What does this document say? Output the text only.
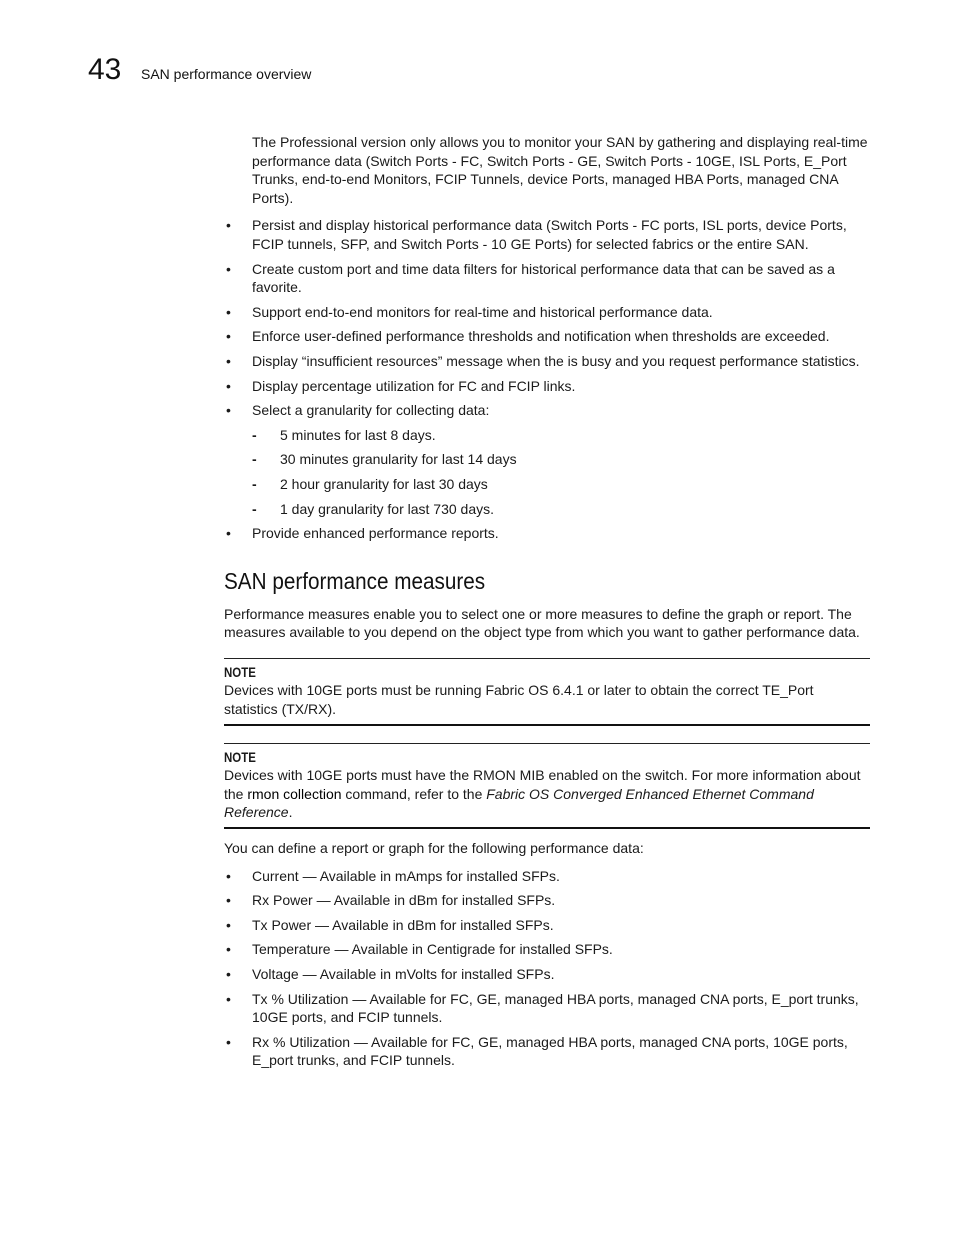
43 SAN performance overview

The Professional version only allows you to monitor your SAN by gathering and displaying real-time performance data (Switch Ports - FC, Switch Ports - GE, Switch Ports - 10GE, ISL Ports, E_Port Trunks, end-to-end Monitors, FCIP Tunnels, device Ports, managed HBA Ports, managed CNA Ports).

• Persist and display historical performance data (Switch Ports - FC ports, ISL ports, device Ports, FCIP tunnels, SFP, and Switch Ports - 10 GE Ports) for selected fabrics or the entire SAN.
• Create custom port and time data filters for historical performance data that can be saved as a favorite.
• Support end-to-end monitors for real-time and historical performance data.
• Enforce user-defined performance thresholds and notification when thresholds are exceeded.
• Display “insufficient resources” message when the is busy and you request performance statistics.
• Display percentage utilization for FC and FCIP links.
• Select a granularity for collecting data:
- 5 minutes for last 8 days.
- 30 minutes granularity for last 14 days
- 2 hour granularity for last 30 days
- 1 day granularity for last 730 days.
• Provide enhanced performance reports.
SAN performance measures

Performance measures enable you to select one or more measures to define the graph or report. The measures available to you depend on the object type from which you want to gather performance data.

NOTE

Devices with 10GE ports must be running Fabric OS 6.4.1 or later to obtain the correct TE_Port statistics (TX/RX).

NOTE

Devices with 10GE ports must have the RMON MIB enabled on the switch. For more information about the rmon collection command, refer to the Fabric OS Converged Enhanced Ethernet Command Reference.

You can define a report or graph for the following performance data:

• Current — Available in mAmps for installed SFPs.
• Rx Power — Available in dBm for installed SFPs.
• Tx Power — Available in dBm for installed SFPs.
• Temperature — Available in Centigrade for installed SFPs.
• Voltage — Available in mVolts for installed SFPs.
• Tx % Utilization — Available for FC, GE, managed HBA ports, managed CNA ports, E_port trunks, 10GE ports, and FCIP tunnels.
• Rx % Utilization — Available for FC, GE, managed HBA ports, managed CNA ports, 10GE ports, E_port trunks, and FCIP tunnels.
